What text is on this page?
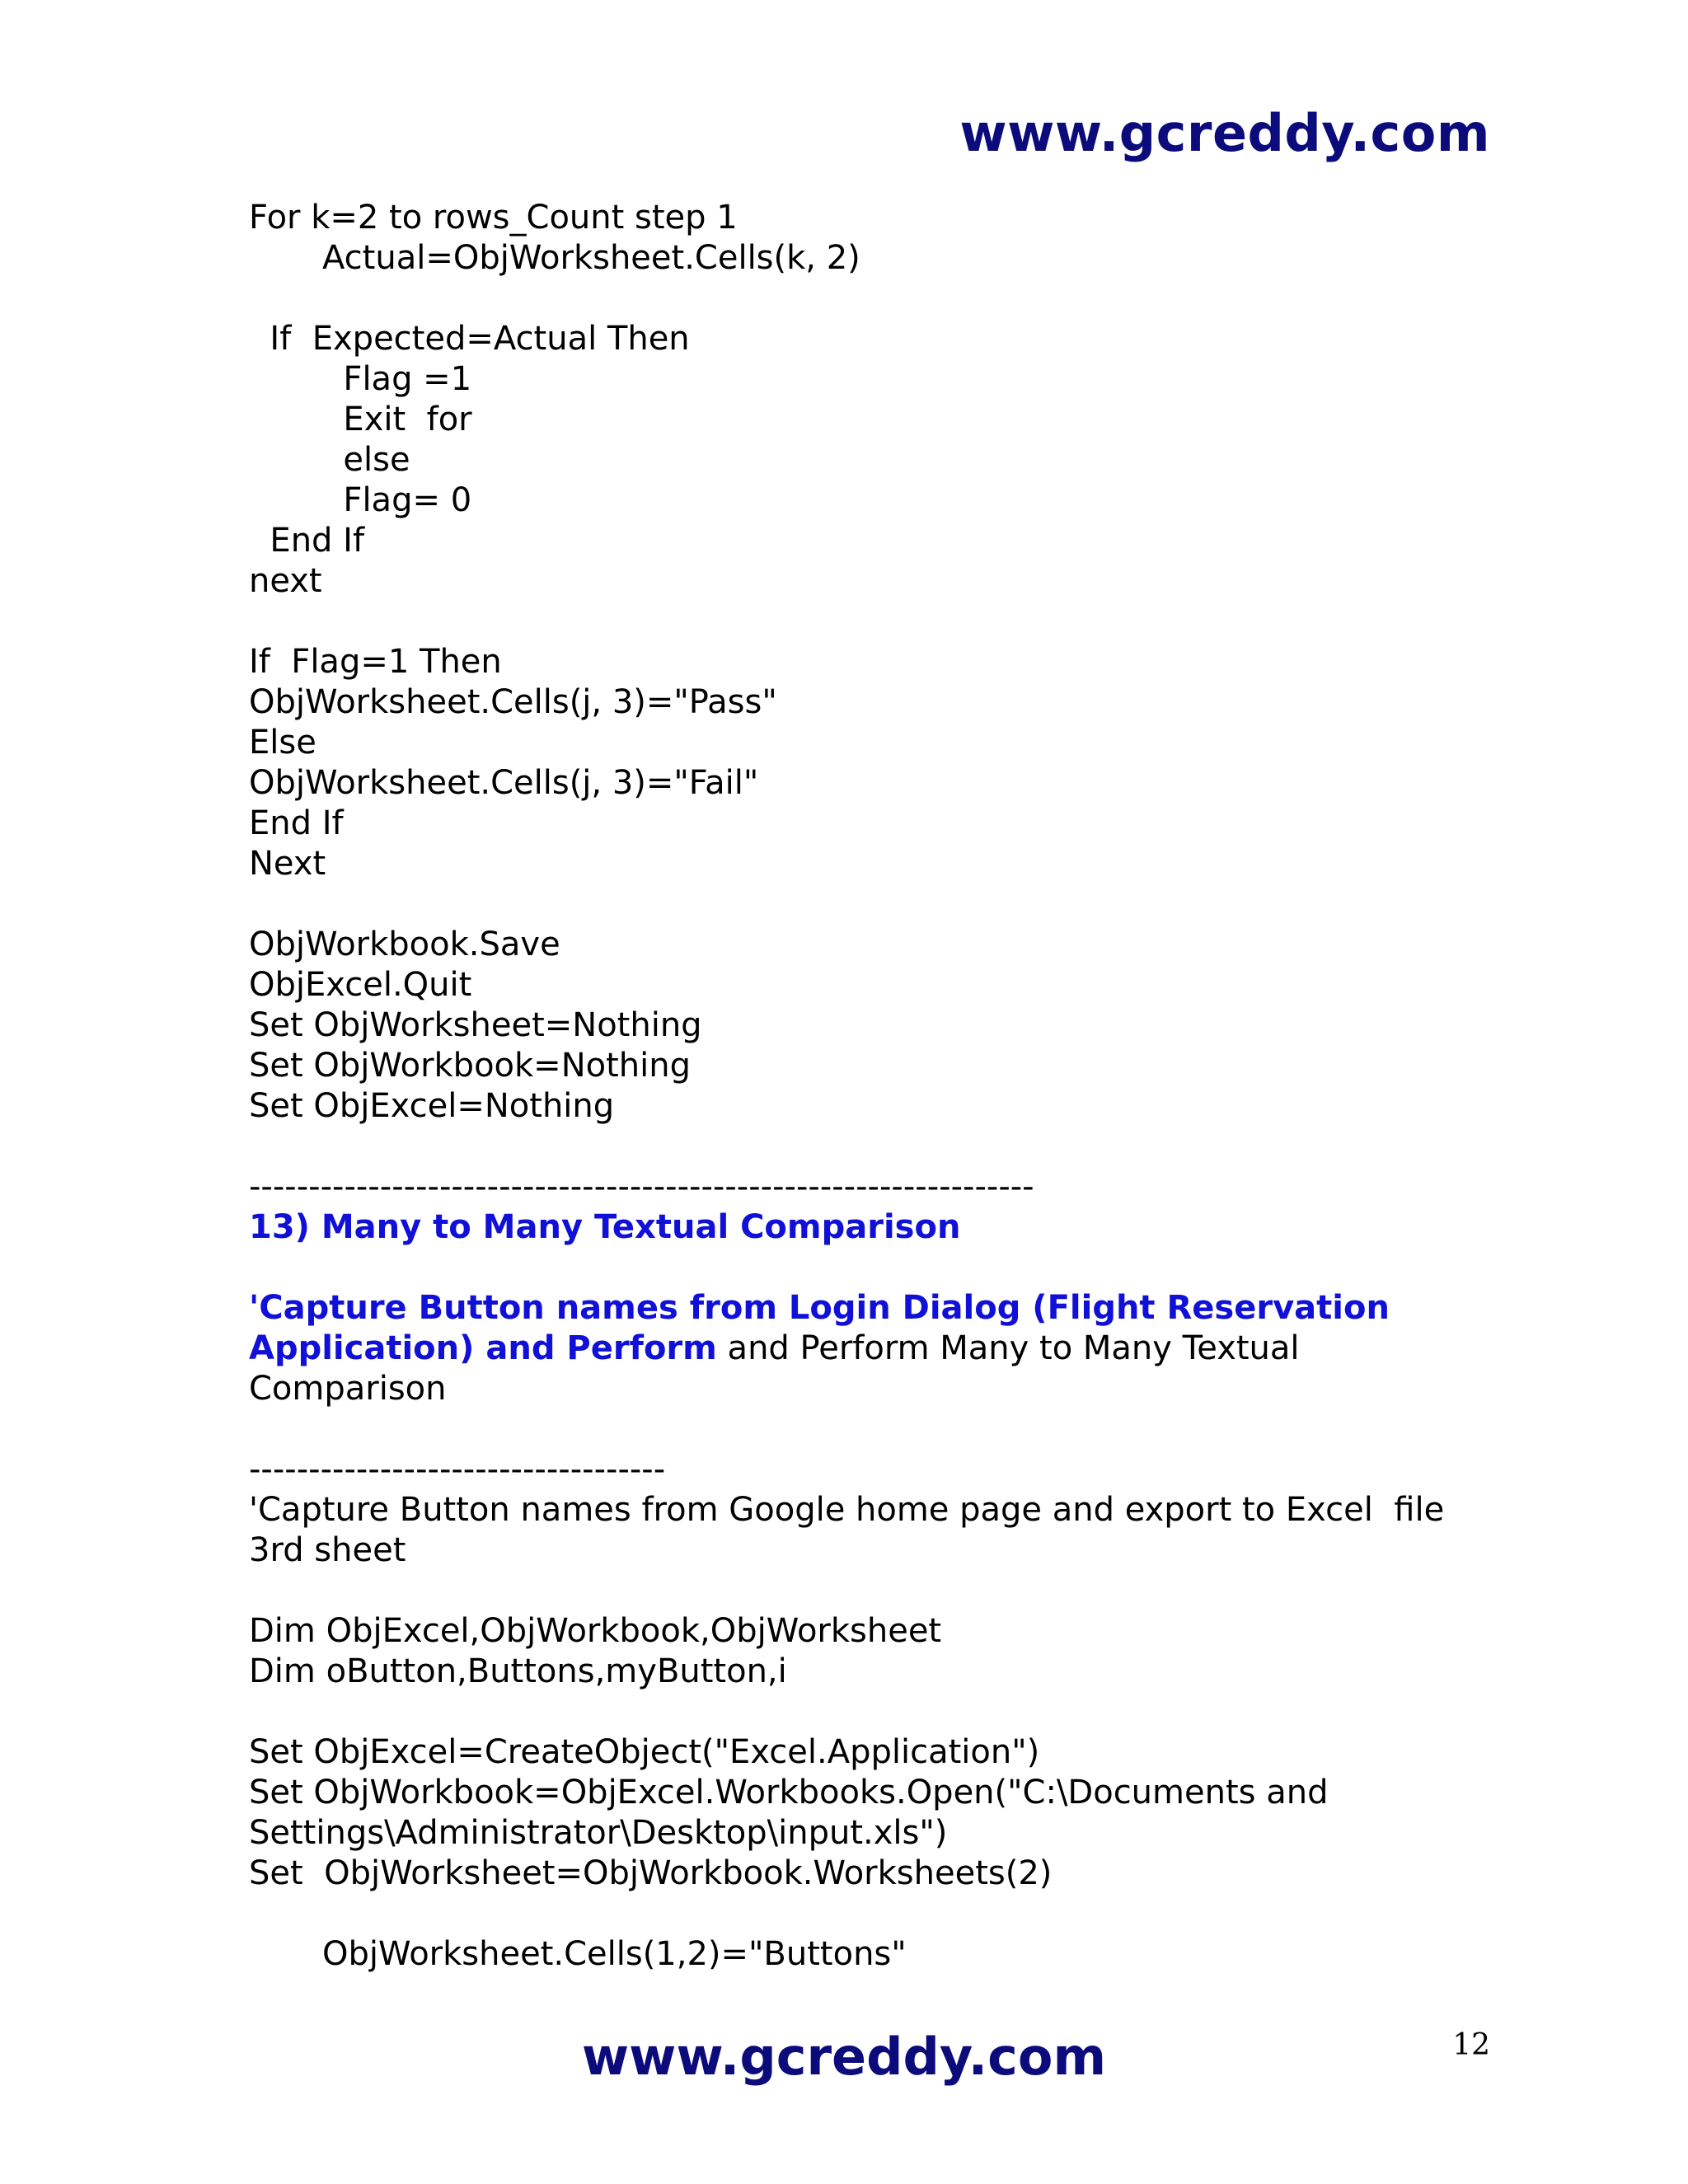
www.gcreddy.com

For k=2 to rows_Count step 1
Actual=ObjWorksheet.Cells(k, 2)
If  Expected=Actual Then
Flag =1
Exit  for
else
Flag= 0
End If
next
If  Flag=1 Then
ObjWorksheet.Cells(j, 3)="Pass"
Else
ObjWorksheet.Cells(j, 3)="Fail"
End If
Next
ObjWorkbook.Save
ObjExcel.Quit
Set ObjWorksheet=Nothing
Set ObjWorkbook=Nothing
Set ObjExcel=Nothing
------------------------------------------------------------------
13) Many to Many Textual Comparison
'Capture Button names from Login Dialog (Flight Reservation Application) and Perform and Perform Many to Many Textual Comparison
-----------------------------------
'Capture Button names from Google home page and export to Excel  file 3rd sheet
Dim ObjExcel,ObjWorkbook,ObjWorksheet
Dim oButton,Buttons,myButton,i
Set ObjExcel=CreateObject("Excel.Application")
Set ObjWorkbook=ObjExcel.Workbooks.Open("C:\Documents and Settings\Administrator\Desktop\input.xls")
Set  ObjWorksheet=ObjWorkbook.Worksheets(2)
ObjWorksheet.Cells(1,2)="Buttons"

www.gcreddy.com	12
